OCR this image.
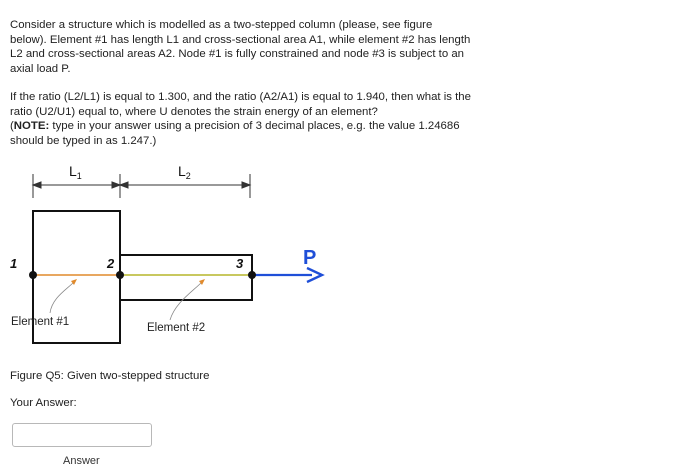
Consider a structure which is modelled as a two-stepped column (please, see figure below). Element #1 has length L1 and cross-sectional area A1, while element #2 has length L2 and cross-sectional areas A2. Node #1 is fully constrained and node #3 is subject to an axial load P.

If the ratio (L2/L1) is equal to 1.300, and the ratio (A2/A1) is equal to 1.940, then what is the ratio (U2/U1) equal to, where U denotes the strain energy of an element?
(NOTE: type in your answer using a precision of 3 decimal places, e.g. the value 1.24686 should be typed in as 1.247.)

$L_1$	$L_2$
P
1	2	3
Element #1	Element #2
Figure Q5: Given two-stepped structure
Your Answer:
Answer
